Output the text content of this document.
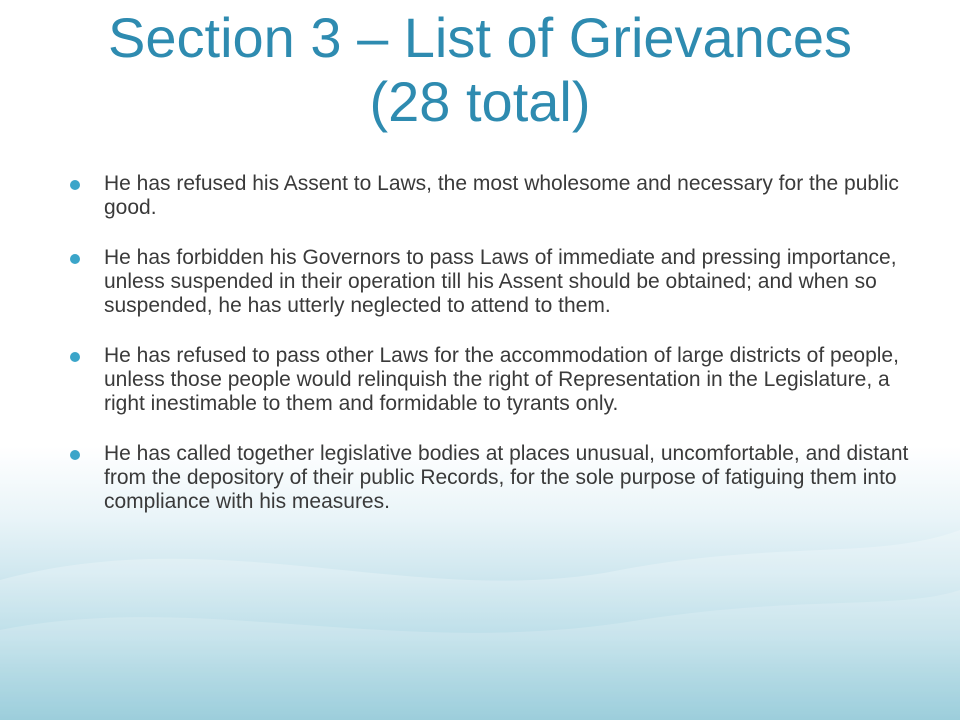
Section 3 – List of Grievances
(28 total)
He has refused his Assent to Laws, the most wholesome and necessary for the public good.
He has forbidden his Governors to pass Laws of immediate and pressing importance, unless suspended in their operation till his Assent should be obtained; and when so suspended, he has utterly neglected to attend to them.
He has refused to pass other Laws for the accommodation of large districts of people, unless those people would relinquish the right of Representation in the Legislature, a right inestimable to them and formidable to tyrants only.
He has called together legislative bodies at places unusual, uncomfortable, and distant from the depository of their public Records, for the sole purpose of fatiguing them into compliance with his measures.
